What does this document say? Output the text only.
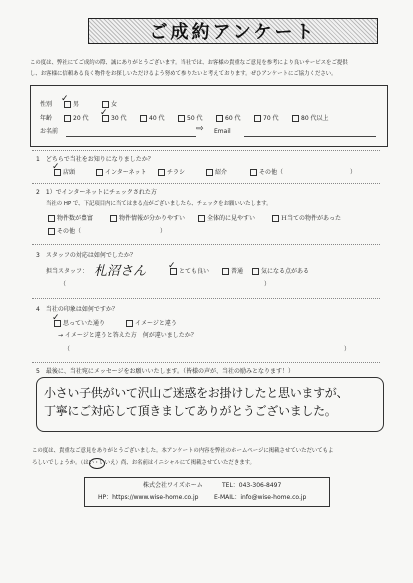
ご成約アンケート
この度は、弊社にてご成約の際、誠にありがとうございます。当社では、お客様の貴重なご意見を参考により良いサービスをご提供
し、お客様に信頼ある良く物件をお探しいただけるよう努めて参りたいと考えております。ぜひアンケートにご協力ください。
性別	男
✓
女
年齢	20 代	30 代
✓
40 代	50 代	60 代	70 代	80 代以上
お名前	⇨ Email
1　どちらで当社をお知りになりましたか？
店頭
✓
インターネット	チラシ	紹介	その他（	）
2　1）でインターネットにチェックされた方
当社の HP で、下記項目内に当てはまる点がございましたら、チェックをお願いいたします。
物件数が豊富	物件情報が分かりやすい	全体的に見やすい	Ｈ当ての物件があった
その他（	）
3　スタッフの対応は如何でしたか？
担当スタッフ： 札沼さん	とても良い
✓
普通	気になる点がある
（	）
4　当社の印象は如何ですか？
思っていた通り
✓
イメージと違う
→ イメージと違うと答えた方　何が違いましたか？
（	）
5　最後に、当社宛にメッセージをお願いいたします。（皆様の声が、当社の励みとなります！）
小さい子供がいて沢山ご迷惑をお掛けしたと思いますが、
丁寧にご対応して頂きましてありがとうございました。
この度は、貴重なご意見をありがとうございました。本アンケートの内容を弊社のホームページに掲載させていただいてもよ
ろしいでしょうか。（はい・いいえ）尚、お名前はイニシャルにて掲載させていただきます。
株式会社ワイズホーム	TEL：043-306-8497
HP：https://www.wise-home.co.jp	E-MAIL：info@wise-home.co.jp
